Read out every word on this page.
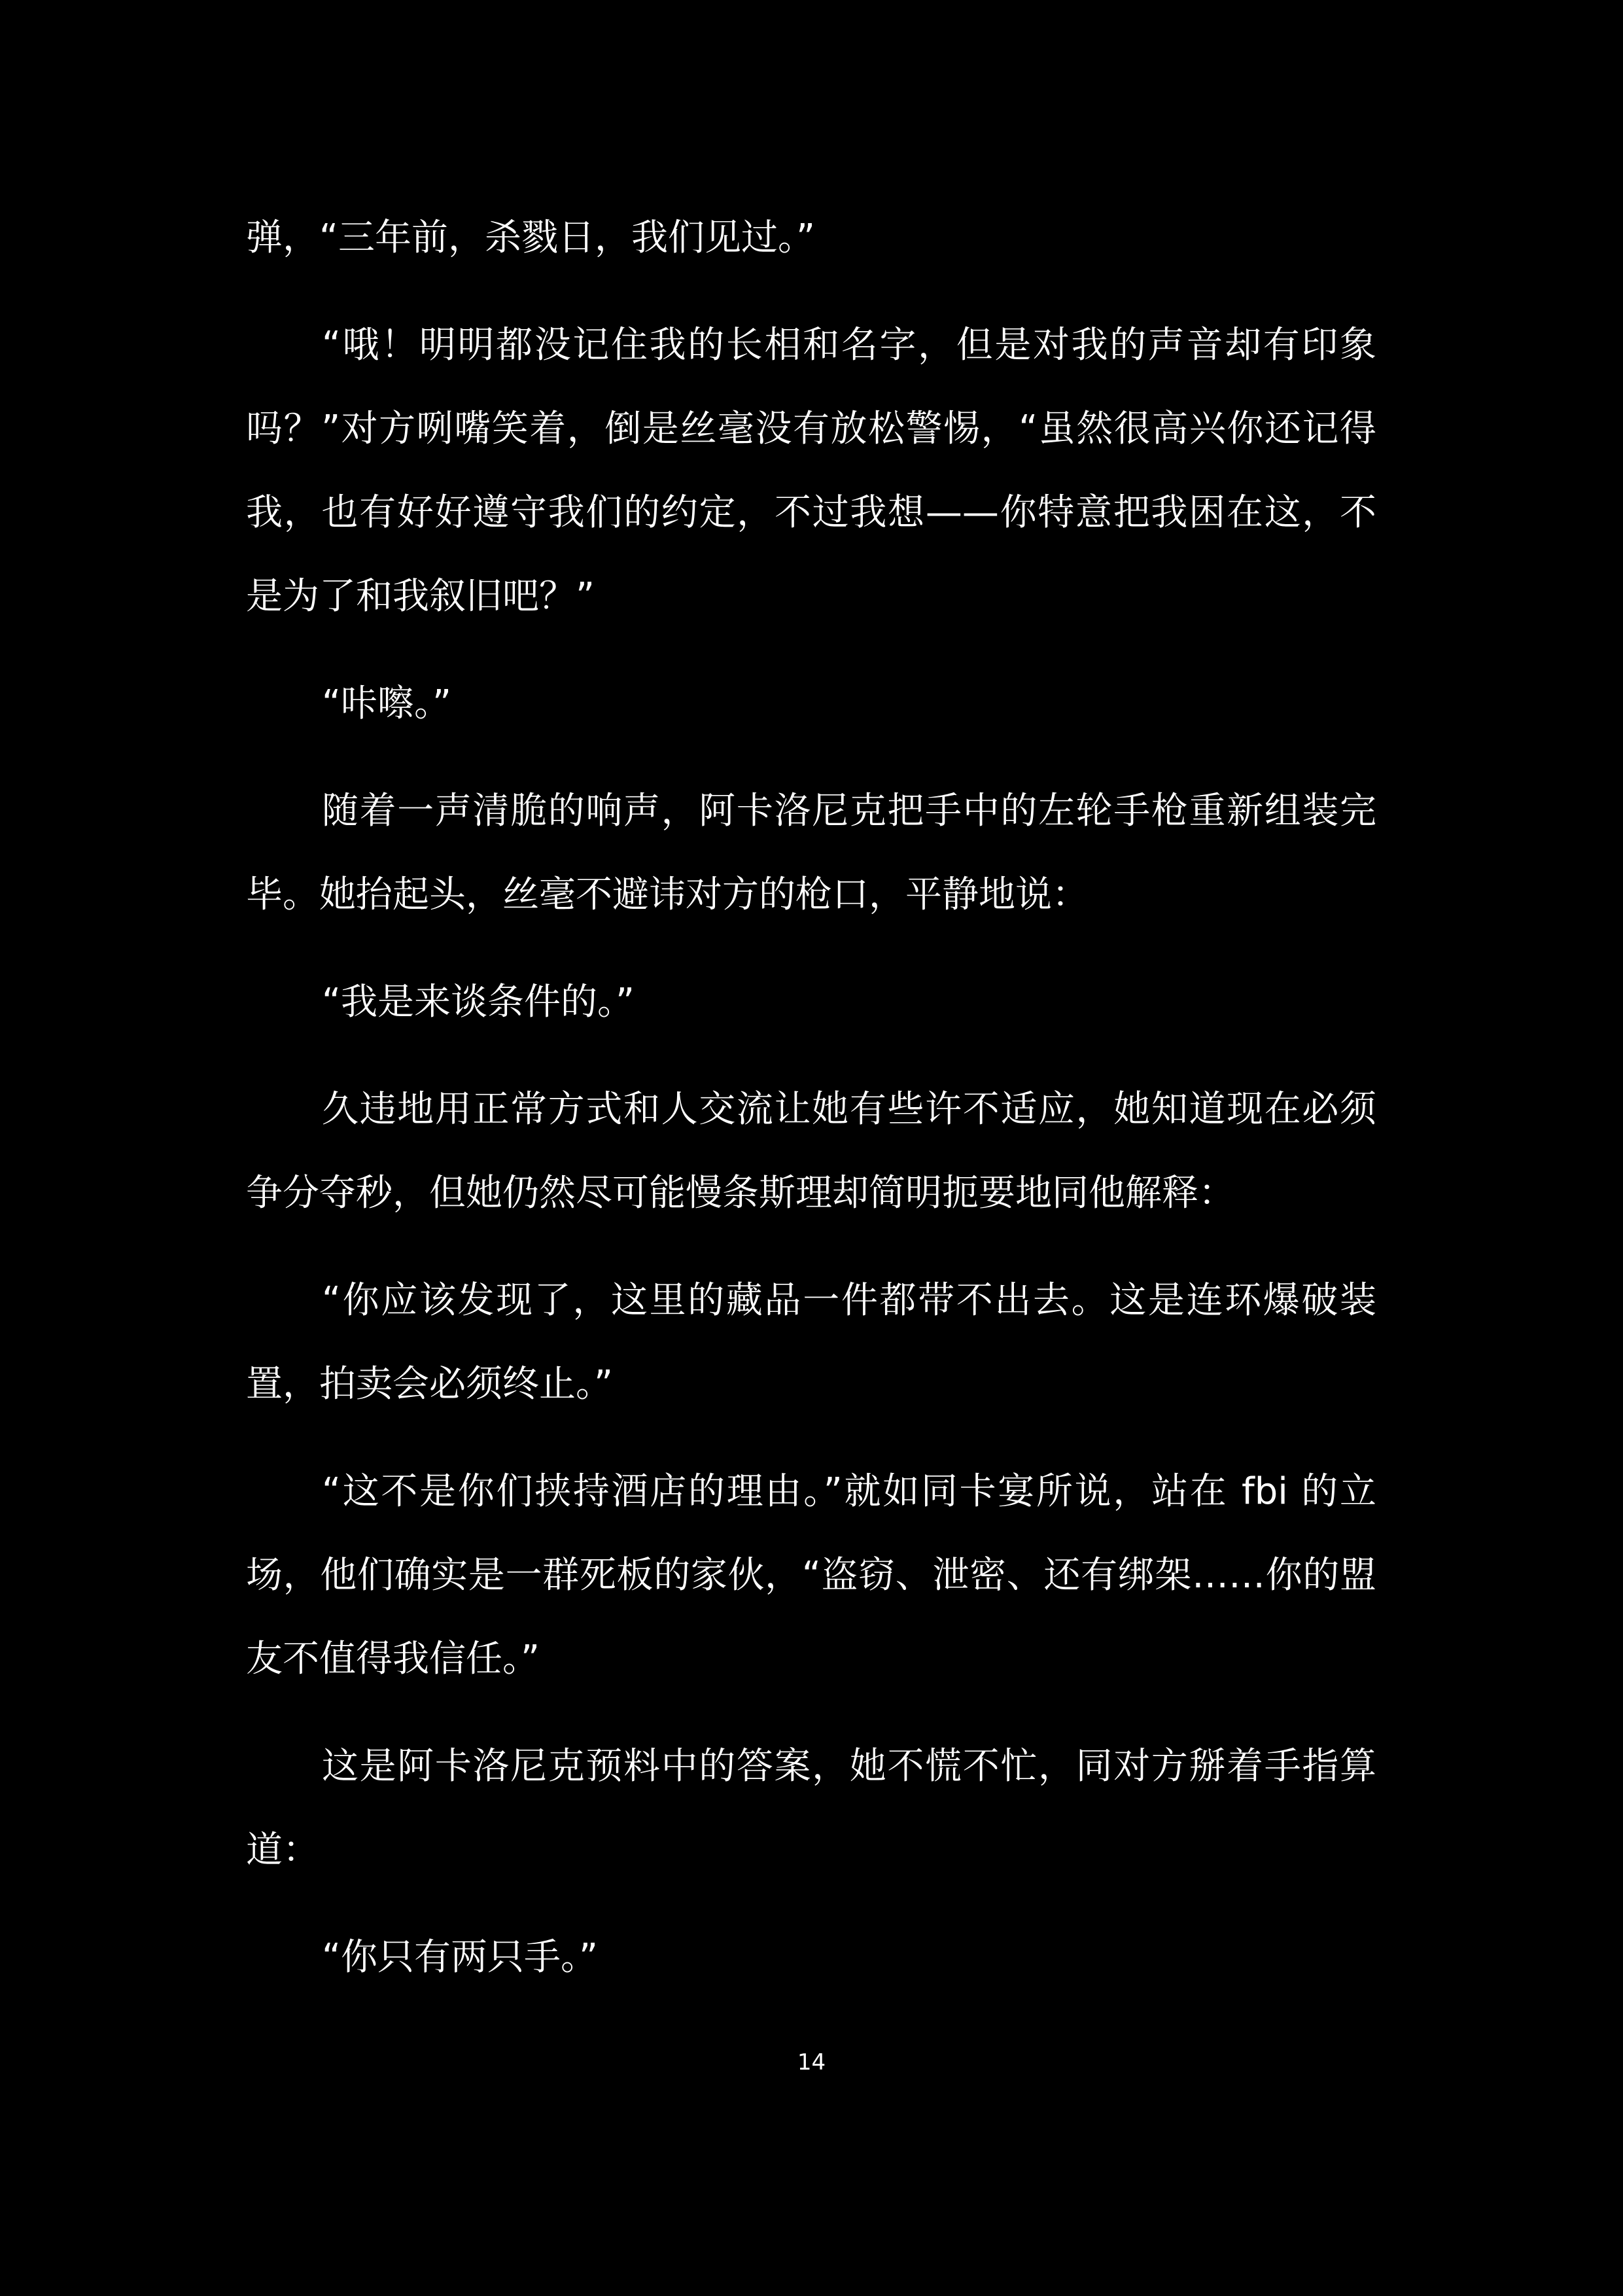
弹，“三年前，杀戮日，我们见过。”

“哦！明明都没记住我的长相和名字，但是对我的声音却有印象吗？”对方咧嘴笑着，倒是丝毫没有放松警惕，“虽然很高兴你还记得我，也有好好遵守我们的约定，不过我想——你特意把我困在这，不是为了和我叙旧吧？”

“咔嚓。”

随着一声清脆的响声，阿卡洛尼克把手中的左轮手枪重新组装完毕。她抬起头，丝毫不避讳对方的枪口，平静地说：

“我是来谈条件的。”

久违地用正常方式和人交流让她有些许不适应，她知道现在必须争分夺秒，但她仍然尽可能慢条斯理却简明扼要地同他解释：

“你应该发现了，这里的藏品一件都带不出去。这是连环爆破装置，拍卖会必须终止。”

“这不是你们挟持酒店的理由。”就如同卡宴所说，站在 fbi 的立场，他们确实是一群死板的家伙，“盗窃、泄密、还有绑架……你的盟友不值得我信任。”

这是阿卡洛尼克预料中的答案，她不慌不忙，同对方掰着手指算道：

“你只有两只手。”

14
